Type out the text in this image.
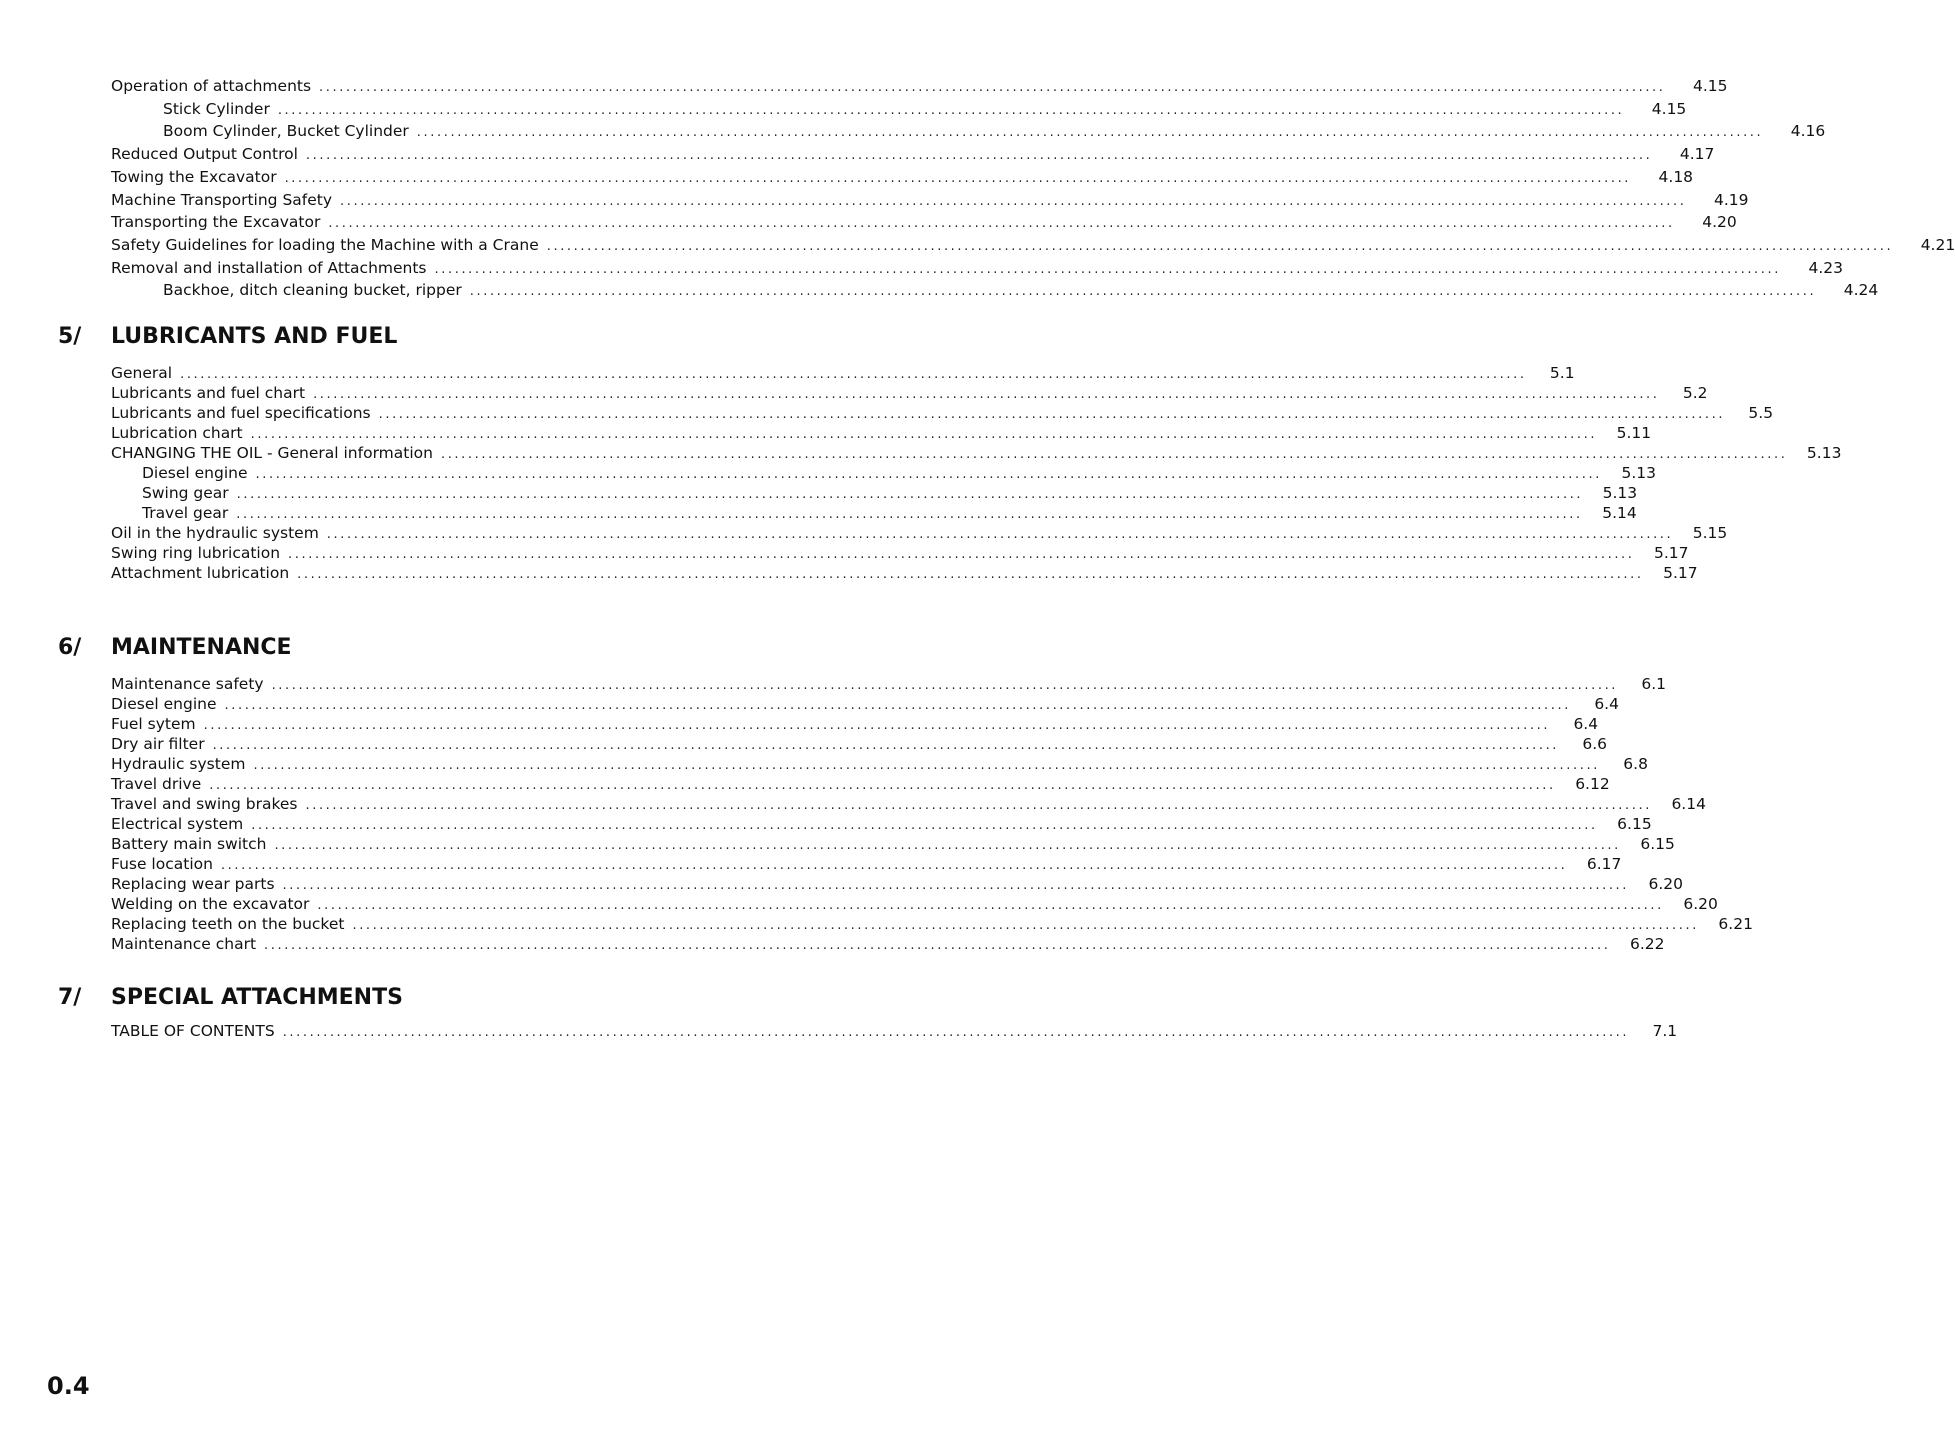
Operation of attachments ........................................................................................................................................................................................................	4.15
Stick Cylinder ........................................................................................................................................................................................................	4.15
Boom Cylinder, Bucket Cylinder ........................................................................................................................................................................................................	4.16
Reduced Output Control ........................................................................................................................................................................................................	4.17
Towing the Excavator ........................................................................................................................................................................................................	4.18
Machine Transporting Safety ........................................................................................................................................................................................................	4.19
Transporting the Excavator ........................................................................................................................................................................................................	4.20
Safety Guidelines for loading the Machine with a Crane ........................................................................................................................................................................................................	4.21
Removal and installation of Attachments ........................................................................................................................................................................................................	4.23
Backhoe, ditch cleaning bucket, ripper ........................................................................................................................................................................................................	4.24
5/	LUBRICANTS AND FUEL
General ........................................................................................................................................................................................................	5.1
Lubricants and fuel chart ........................................................................................................................................................................................................	5.2
Lubricants and fuel specifications ........................................................................................................................................................................................................	5.5
Lubrication chart ........................................................................................................................................................................................................	5.11
CHANGING THE OIL - General information ........................................................................................................................................................................................................	5.13
Diesel engine ........................................................................................................................................................................................................	5.13
Swing gear ........................................................................................................................................................................................................	5.13
Travel gear ........................................................................................................................................................................................................	5.14
Oil in the hydraulic system ........................................................................................................................................................................................................	5.15
Swing ring lubrication ........................................................................................................................................................................................................	5.17
Attachment lubrication ........................................................................................................................................................................................................	5.17
6/	MAINTENANCE
Maintenance safety ........................................................................................................................................................................................................	6.1
Diesel engine ........................................................................................................................................................................................................	6.4
Fuel sytem ........................................................................................................................................................................................................	6.4
Dry air filter ........................................................................................................................................................................................................	6.6
Hydraulic system ........................................................................................................................................................................................................	6.8
Travel drive ........................................................................................................................................................................................................	6.12
Travel and swing brakes ........................................................................................................................................................................................................	6.14
Electrical system ........................................................................................................................................................................................................	6.15
Battery main switch ........................................................................................................................................................................................................	6.15
Fuse location ........................................................................................................................................................................................................	6.17
Replacing wear parts ........................................................................................................................................................................................................	6.20
Welding on the excavator ........................................................................................................................................................................................................	6.20
Replacing teeth on the bucket ........................................................................................................................................................................................................	6.21
Maintenance chart ........................................................................................................................................................................................................	6.22
7/	SPECIAL ATTACHMENTS
TABLE OF CONTENTS ........................................................................................................................................................................................................	7.1
0.4
